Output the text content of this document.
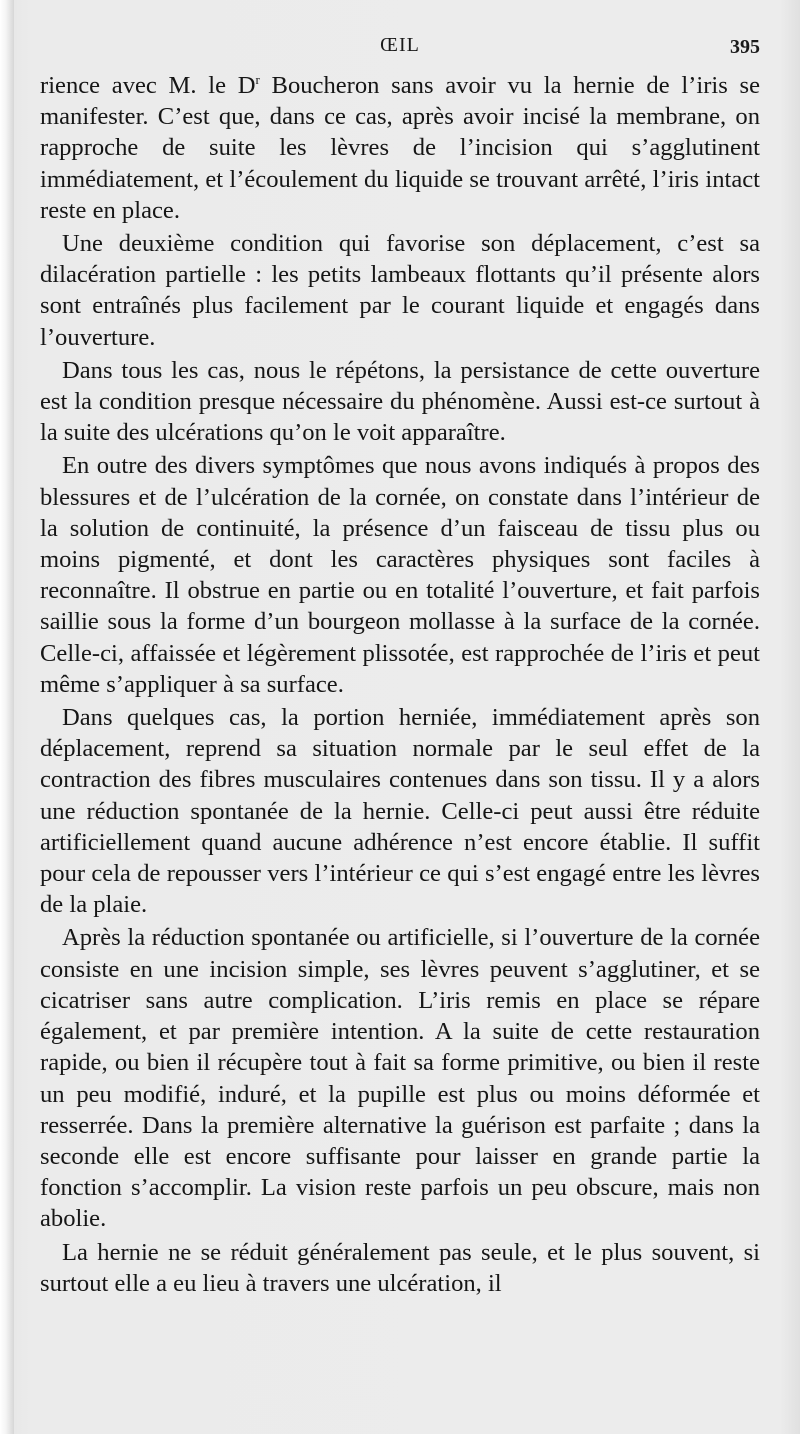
ŒIL	395

rience avec M. le $D^r$ Boucheron sans avoir vu la hernie de l’iris se manifester. C’est que, dans ce cas, après avoir incisé la membrane, on rapproche de suite les lèvres de l’incision qui s’agglutinent immédiatement, et l’écoulement du liquide se trouvant arrêté, l’iris intact reste en place.

Une deuxième condition qui favorise son déplacement, c’est sa dilacération partielle : les petits lambeaux flottants qu’il présente alors sont entraînés plus facilement par le courant liquide et engagés dans l’ouverture.

Dans tous les cas, nous le répétons, la persistance de cette ouverture est la condition presque nécessaire du phénomène. Aussi est-ce surtout à la suite des ulcérations qu’on le voit apparaître.

En outre des divers symptômes que nous avons indiqués à propos des blessures et de l’ulcération de la cornée, on constate dans l’intérieur de la solution de continuité, la présence d’un faisceau de tissu plus ou moins pigmenté, et dont les caractères physiques sont faciles à reconnaître. Il obstrue en partie ou en totalité l’ouverture, et fait parfois saillie sous la forme d’un bourgeon mollasse à la surface de la cornée. Celle-ci, affaissée et légèrement plissotée, est rapprochée de l’iris et peut même s’appliquer à sa surface.

Dans quelques cas, la portion herniée, immédiatement après son déplacement, reprend sa situation normale par le seul effet de la contraction des fibres musculaires contenues dans son tissu. Il y a alors une réduction spontanée de la hernie. Celle-ci peut aussi être réduite artificiellement quand aucune adhérence n’est encore établie. Il suffit pour cela de repousser vers l’intérieur ce qui s’est engagé entre les lèvres de la plaie.

Après la réduction spontanée ou artificielle, si l’ouverture de la cornée consiste en une incision simple, ses lèvres peuvent s’agglutiner, et se cicatriser sans autre complication. L’iris remis en place se répare également, et par première intention. A la suite de cette restauration rapide, ou bien il récupère tout à fait sa forme primitive, ou bien il reste un peu modifié, induré, et la pupille est plus ou moins déformée et resserrée. Dans la première alternative la guérison est parfaite ; dans la seconde elle est encore suffisante pour laisser en grande partie la fonction s’accomplir. La vision reste parfois un peu obscure, mais non abolie.

La hernie ne se réduit généralement pas seule, et le plus souvent, si surtout elle a eu lieu à travers une ulcération, il
